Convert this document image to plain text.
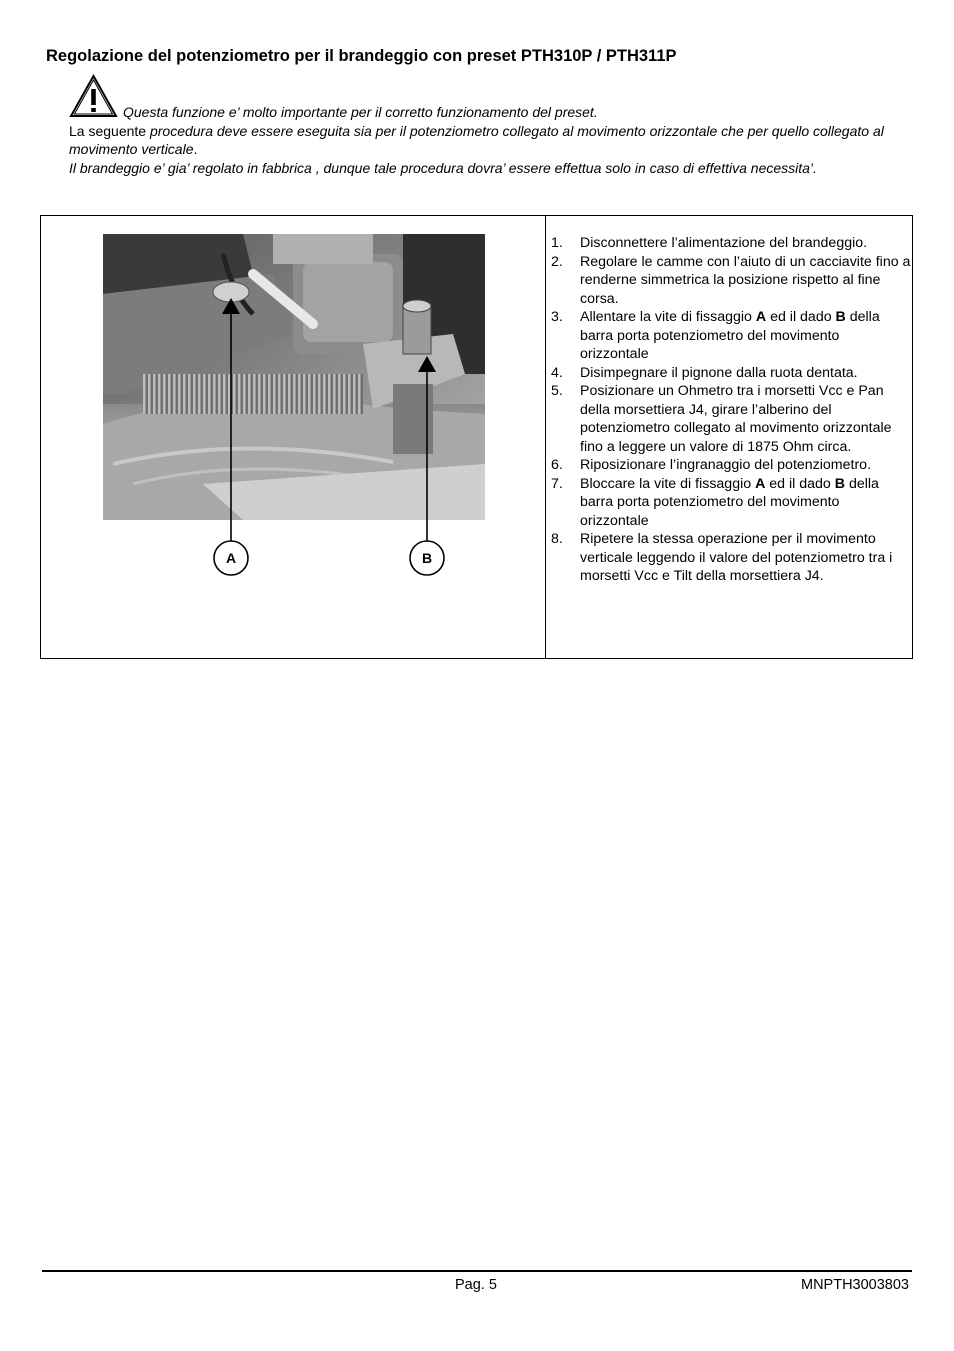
Regolazione del potenziometro per il brandeggio con preset PTH310P / PTH311P

Questa funzione e’ molto importante per il corretto funzionamento del preset.

La seguente procedura deve essere eseguita sia per il potenziometro collegato al movimento orizzontale che per quello collegato al movimento verticale.

Il brandeggio e’ gia’ regolato in fabbrica , dunque tale procedura dovra’ essere effettua solo in caso di effettiva necessita’.

A	B
1. Disconnettere l’alimentazione del brandeggio.
2. Regolare le camme con l’aiuto di un cacciavite fino a renderne simmetrica la posizione rispetto al fine corsa.
3. Allentare la vite di fissaggio A ed il dado B della barra porta potenziometro del movimento orizzontale
4. Disimpegnare il pignone dalla ruota dentata.
5. Posizionare un Ohmetro tra i morsetti Vcc e Pan della morsettiera J4, girare l’alberino del potenziometro collegato al movimento orizzontale fino a leggere un valore di 1875 Ohm circa.
6. Riposizionare l’ingranaggio del potenziometro.
7. Bloccare la vite di fissaggio A ed il dado B della barra porta potenziometro del movimento orizzontale
8. Ripetere la stessa operazione per il movimento verticale leggendo il valore del potenziometro tra i morsetti Vcc e Tilt della morsettiera J4.
Pag. 5	MNPTH3003803
